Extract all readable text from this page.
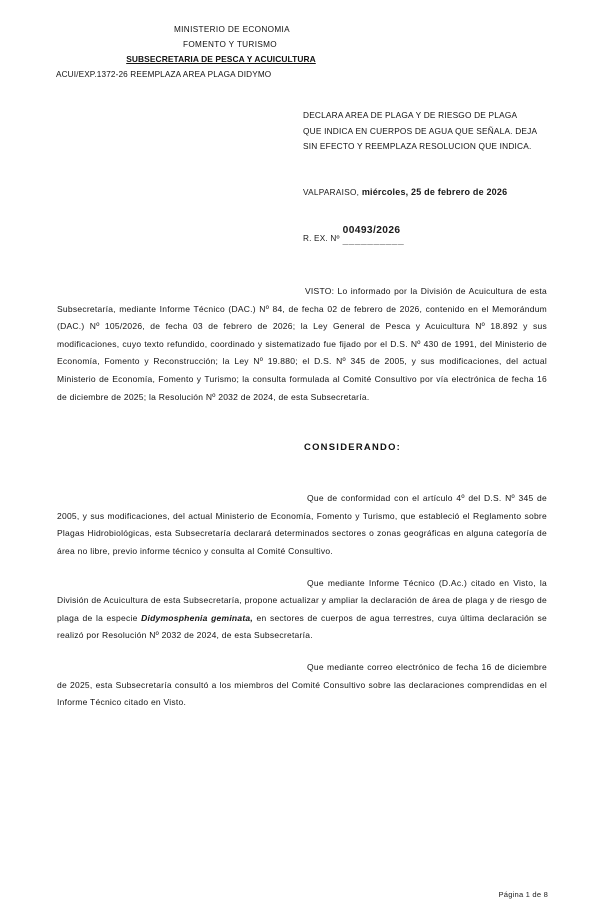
MINISTERIO DE ECONOMIA
FOMENTO Y TURISMO
SUBSECRETARIA DE PESCA Y ACUICULTURA
ACUI/EXP.1372-26 REEMPLAZA AREA PLAGA DIDYMO
DECLARA AREA DE PLAGA Y DE RIESGO DE PLAGA
QUE INDICA EN CUERPOS DE AGUA QUE SEÑALA. DEJA
SIN EFECTO Y REEMPLAZA RESOLUCION QUE INDICA.
VALPARAISO, miércoles, 25 de febrero de 2026
R. EX. Nº
00493/2026
__________

VISTO: Lo informado por la División de Acuicultura de esta Subsecretaría, mediante Informe Técnico (DAC.) Nº 84, de fecha 02 de febrero de 2026, contenido en el Memorándum (DAC.) Nº 105/2026, de fecha 03 de febrero de 2026; la Ley General de Pesca y Acuicultura Nº 18.892 y sus modificaciones, cuyo texto refundido, coordinado y sistematizado fue fijado por el D.S. Nº 430 de 1991, del Ministerio de Economía, Fomento y Reconstrucción; la Ley Nº 19.880; el D.S. Nº 345 de 2005, y sus modificaciones, del actual Ministerio de Economía, Fomento y Turismo; la consulta formulada al Comité Consultivo por vía electrónica de fecha 16 de diciembre de 2025; la Resolución Nº 2032 de 2024, de esta Subsecretaría.

CONSIDERANDO:

Que de conformidad con el artículo 4º del D.S. Nº 345 de 2005, y sus modificaciones, del actual Ministerio de Economía, Fomento y Turismo, que estableció el Reglamento sobre Plagas Hidrobiológicas, esta Subsecretaría declarará determinados sectores o zonas geográficas en alguna categoría de área no libre, previo informe técnico y consulta al Comité Consultivo.

Que mediante Informe Técnico (D.Ac.) citado en Visto, la División de Acuicultura de esta Subsecretaría, propone actualizar y ampliar la declaración de área de plaga y de riesgo de plaga de la especie Didymosphenia geminata, en sectores de cuerpos de agua terrestres, cuya última declaración se realizó por Resolución Nº 2032 de 2024, de esta Subsecretaría.

Que mediante correo electrónico de fecha 16 de diciembre de 2025, esta Subsecretaría consultó a los miembros del Comité Consultivo sobre las declaraciones comprendidas en el Informe Técnico citado en Visto.

Página 1 de 8
